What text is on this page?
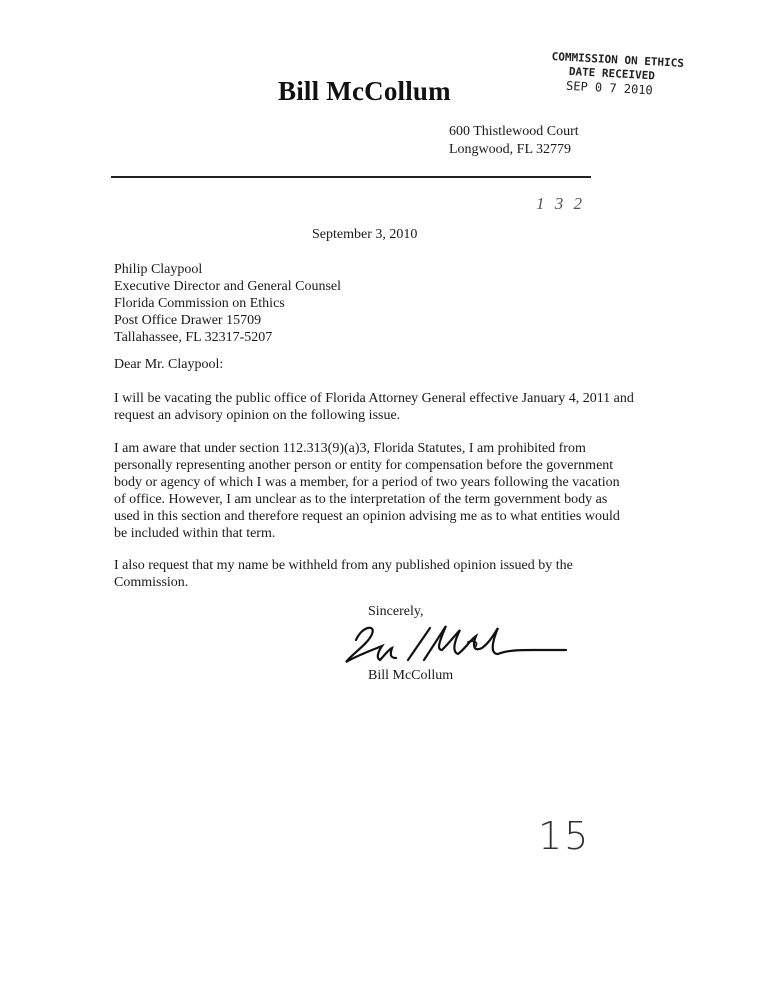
Bill McCollum
COMMISSION ON ETHICS
DATE RECEIVED
SEP 0 7 2010
600 Thistlewood Court
Longwood, FL 32779
1 3 2
September 3, 2010
Philip Claypool
Executive Director and General Counsel
Florida Commission on Ethics
Post Office Drawer 15709
Tallahassee, FL 32317-5207
Dear Mr. Claypool:
I will be vacating the public office of Florida Attorney General effective January 4, 2011 and request an advisory opinion on the following issue.
I am aware that under section 112.313(9)(a)3, Florida Statutes, I am prohibited from personally representing another person or entity for compensation before the government body or agency of which I was a member, for a period of two years following the vacation of office. However, I am unclear as to the interpretation of the term government body as used in this section and therefore request an opinion advising me as to what entities would be included within that term.
I also request that my name be withheld from any published opinion issued by the Commission.
Sincerely,
Bill McCollum
15
